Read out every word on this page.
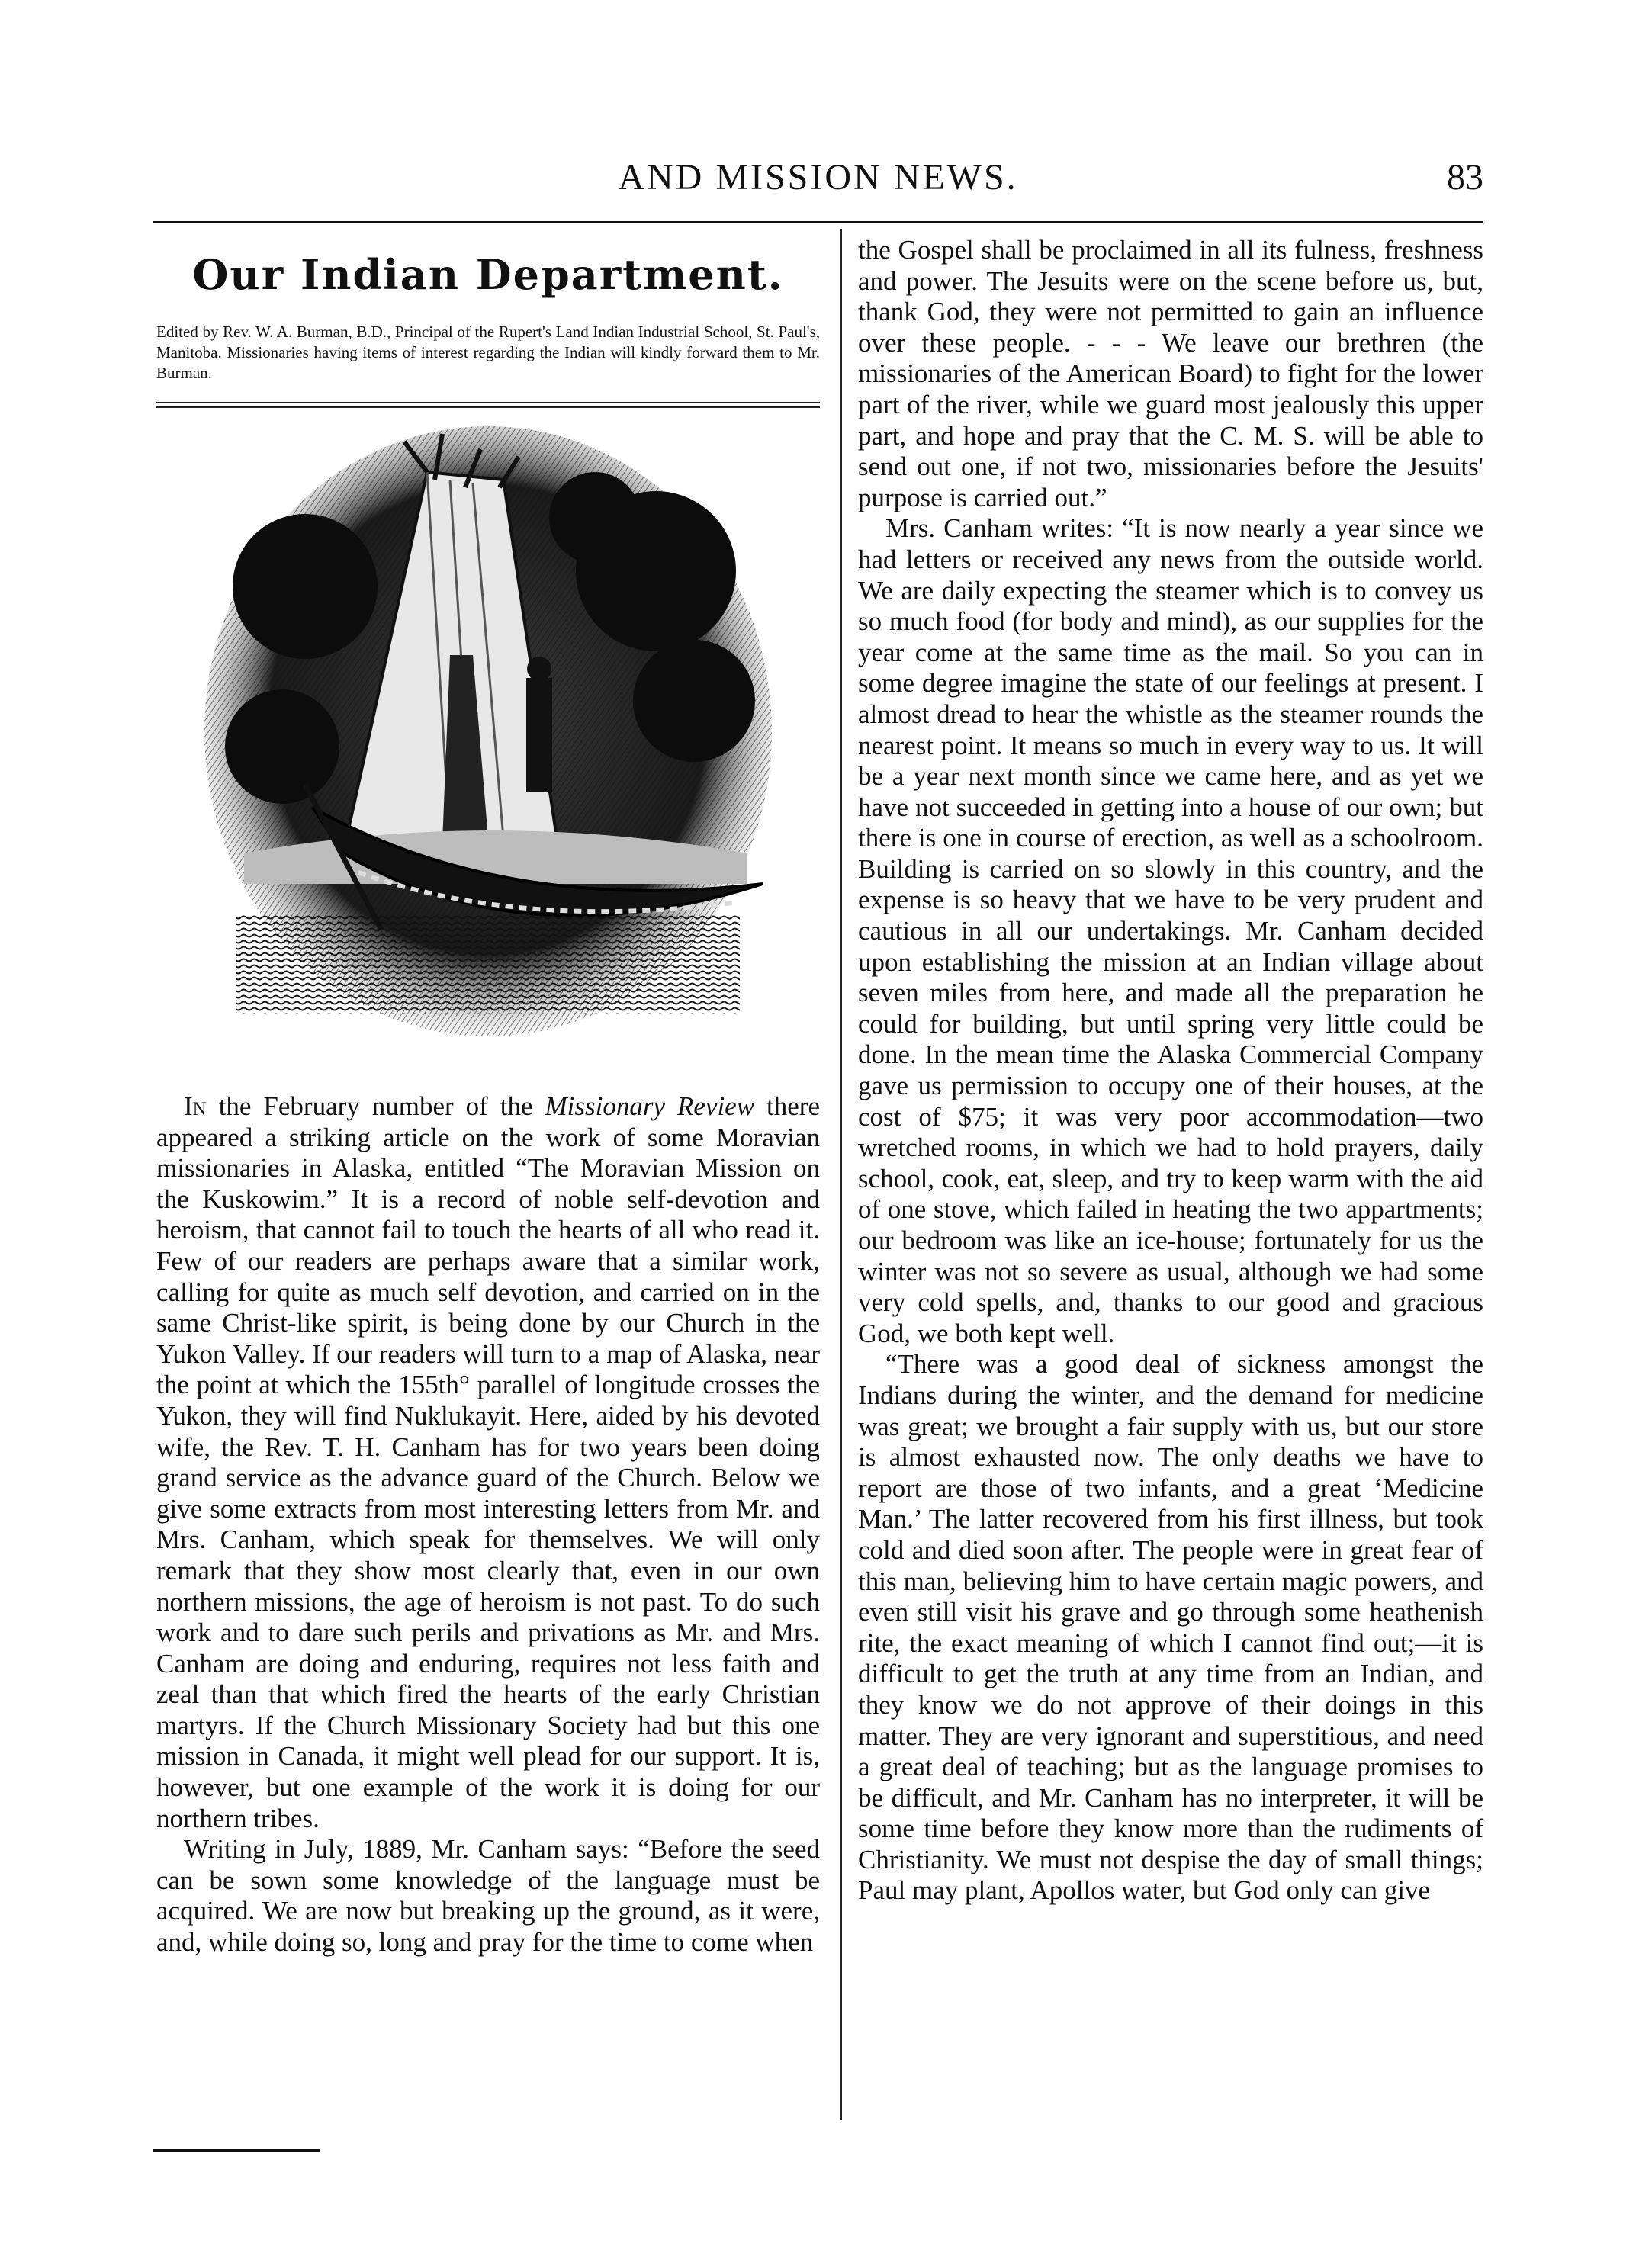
AND MISSION NEWS.	83
Our Indian Department.
Edited by Rev. W. A. Burman, B.D., Principal of the Rupert's Land Indian Industrial School, St. Paul's, Manitoba. Missionaries having items of interest regarding the Indian will kindly forward them to Mr. Burman.

In the February number of the Missionary Review there appeared a striking article on the work of some Moravian missionaries in Alaska, entitled “The Moravian Mission on the Kuskowim.” It is a record of noble self-devotion and heroism, that cannot fail to touch the hearts of all who read it. Few of our readers are perhaps aware that a similar work, calling for quite as much self devotion, and carried on in the same Christ-like spirit, is being done by our Church in the Yukon Valley. If our readers will turn to a map of Alaska, near the point at which the 155th° parallel of longitude crosses the Yukon, they will find Nuklukayit. Here, aided by his devoted wife, the Rev. T. H. Canham has for two years been doing grand service as the advance guard of the Church. Below we give some extracts from most interesting letters from Mr. and Mrs. Canham, which speak for themselves. We will only remark that they show most clearly that, even in our own northern missions, the age of heroism is not past. To do such work and to dare such perils and privations as Mr. and Mrs. Canham are doing and enduring, requires not less faith and zeal than that which fired the hearts of the early Christian martyrs. If the Church Missionary Society had but this one mission in Canada, it might well plead for our support. It is, however, but one example of the work it is doing for our northern tribes.

Writing in July, 1889, Mr. Canham says: “Before the seed can be sown some knowledge of the language must be acquired. We are now but breaking up the ground, as it were, and, while doing so, long and pray for the time to come when

the Gospel shall be proclaimed in all its fulness, freshness and power. The Jesuits were on the scene before us, but, thank God, they were not permitted to gain an influence over these people. - - - We leave our brethren (the missionaries of the American Board) to fight for the lower part of the river, while we guard most jealously this upper part, and hope and pray that the C. M. S. will be able to send out one, if not two, missionaries before the Jesuits' purpose is carried out.”

Mrs. Canham writes: “It is now nearly a year since we had letters or received any news from the outside world. We are daily expecting the steamer which is to convey us so much food (for body and mind), as our supplies for the year come at the same time as the mail. So you can in some degree imagine the state of our feelings at present. I almost dread to hear the whistle as the steamer rounds the nearest point. It means so much in every way to us. It will be a year next month since we came here, and as yet we have not succeeded in getting into a house of our own; but there is one in course of erection, as well as a schoolroom. Building is carried on so slowly in this country, and the expense is so heavy that we have to be very prudent and cautious in all our undertakings. Mr. Canham decided upon establishing the mission at an Indian village about seven miles from here, and made all the preparation he could for building, but until spring very little could be done. In the mean time the Alaska Commercial Company gave us permission to occupy one of their houses, at the cost of $75; it was very poor accommodation—two wretched rooms, in which we had to hold prayers, daily school, cook, eat, sleep, and try to keep warm with the aid of one stove, which failed in heating the two appartments; our bedroom was like an ice-house; fortunately for us the winter was not so severe as usual, although we had some very cold spells, and, thanks to our good and gracious God, we both kept well.

“There was a good deal of sickness amongst the Indians during the winter, and the demand for medicine was great; we brought a fair supply with us, but our store is almost exhausted now. The only deaths we have to report are those of two infants, and a great ‘Medicine Man.’ The latter recovered from his first illness, but took cold and died soon after. The people were in great fear of this man, believing him to have certain magic powers, and even still visit his grave and go through some heathenish rite, the exact meaning of which I cannot find out;—it is difficult to get the truth at any time from an Indian, and they know we do not approve of their doings in this matter. They are very ignorant and superstitious, and need a great deal of teaching; but as the language promises to be difficult, and Mr. Canham has no interpreter, it will be some time before they know more than the rudiments of Christianity. We must not despise the day of small things; Paul may plant, Apollos water, but God only can give
